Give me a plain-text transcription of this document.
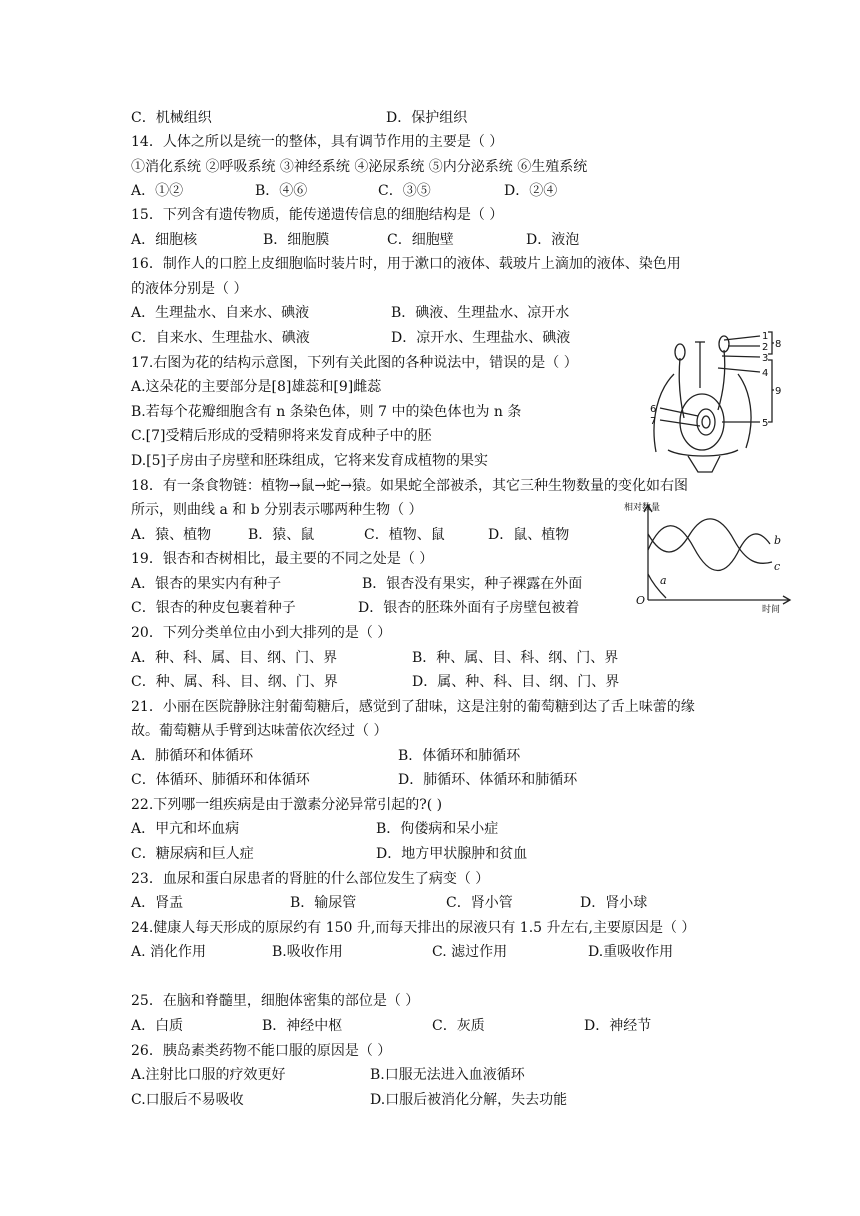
C．机械组织	D．保护组织
14．人体之所以是统一的整体，具有调节作用的主要是（ ）
①消化系统 ②呼吸系统 ③神经系统 ④泌尿系统 ⑤内分泌系统 ⑥生殖系统
A．①②	B．④⑥	C．③⑤	D．②④
15．下列含有遗传物质，能传递遗传信息的细胞结构是（ ）
A．细胞核	B．细胞膜	C．细胞壁	D．液泡
16．制作人的口腔上皮细胞临时装片时，用于漱口的液体、载玻片上滴加的液体、染色用
的液体分别是（ ）
A．生理盐水、自来水、碘液	B．碘液、生理盐水、凉开水
C．自来水、生理盐水、碘液	D．凉开水、生理盐水、碘液
17.右图为花的结构示意图，下列有关此图的各种说法中，错误的是（ ）
A.这朵花的主要部分是[8]雄蕊和[9]雌蕊
B.若每个花瓣细胞含有 n 条染色体，则 7 中的染色体也为 n 条
C.[7]受精后形成的受精卵将来发育成种子中的胚
D.[5]子房由子房壁和胚珠组成，它将来发育成植物的果实
1
2
3
4
5
6
7
8
9
18．有一条食物链：植物→鼠→蛇→猿。如果蛇全部被杀，其它三种生物数量的变化如右图
所示，则曲线 a 和 b 分别表示哪两种生物（ ）
A．猿、植物	B．猿、鼠	C．植物、鼠	D．鼠、植物
相对数量
时间
O
a
b
c
19．银杏和杏树相比，最主要的不同之处是（ ）
A．银杏的果实内有种子	B．银杏没有果实，种子裸露在外面
C．银杏的种皮包裹着种子	D．银杏的胚珠外面有子房壁包被着
20．下列分类单位由小到大排列的是（ ）
A．种、科、属、目、纲、门、界	B．种、属、目、科、纲、门、界
C．种、属、科、目、纲、门、界	D．属、种、科、目、纲、门、界
21．小丽在医院静脉注射葡萄糖后，感觉到了甜味，这是注射的葡萄糖到达了舌上味蕾的缘
故。葡萄糖从手臂到达味蕾依次经过（ ）
A．肺循环和体循环	B．体循环和肺循环
C．体循环、肺循环和体循环	D．肺循环、体循环和肺循环
22.下列哪一组疾病是由于激素分泌异常引起的?( )
A．甲亢和坏血病	B．佝偻病和呆小症
C．糖尿病和巨人症	D．地方甲状腺肿和贫血
23．血尿和蛋白尿患者的肾脏的什么部位发生了病变（ ）
A．肾盂	B．输尿管	C．肾小管	D．肾小球
24.健康人每天形成的原尿约有 150 升,而每天排出的尿液只有 1.5 升左右,主要原因是（ ）
A. 消化作用	B.吸收作用	C. 滤过作用	D.重吸收作用
25．在脑和脊髓里，细胞体密集的部位是（ ）
A．白质	B．神经中枢	C．灰质	D．神经节
26．胰岛素类药物不能口服的原因是（ ）
A.注射比口服的疗效更好	B.口服无法进入血液循环
C.口服后不易吸收	D.口服后被消化分解，失去功能
